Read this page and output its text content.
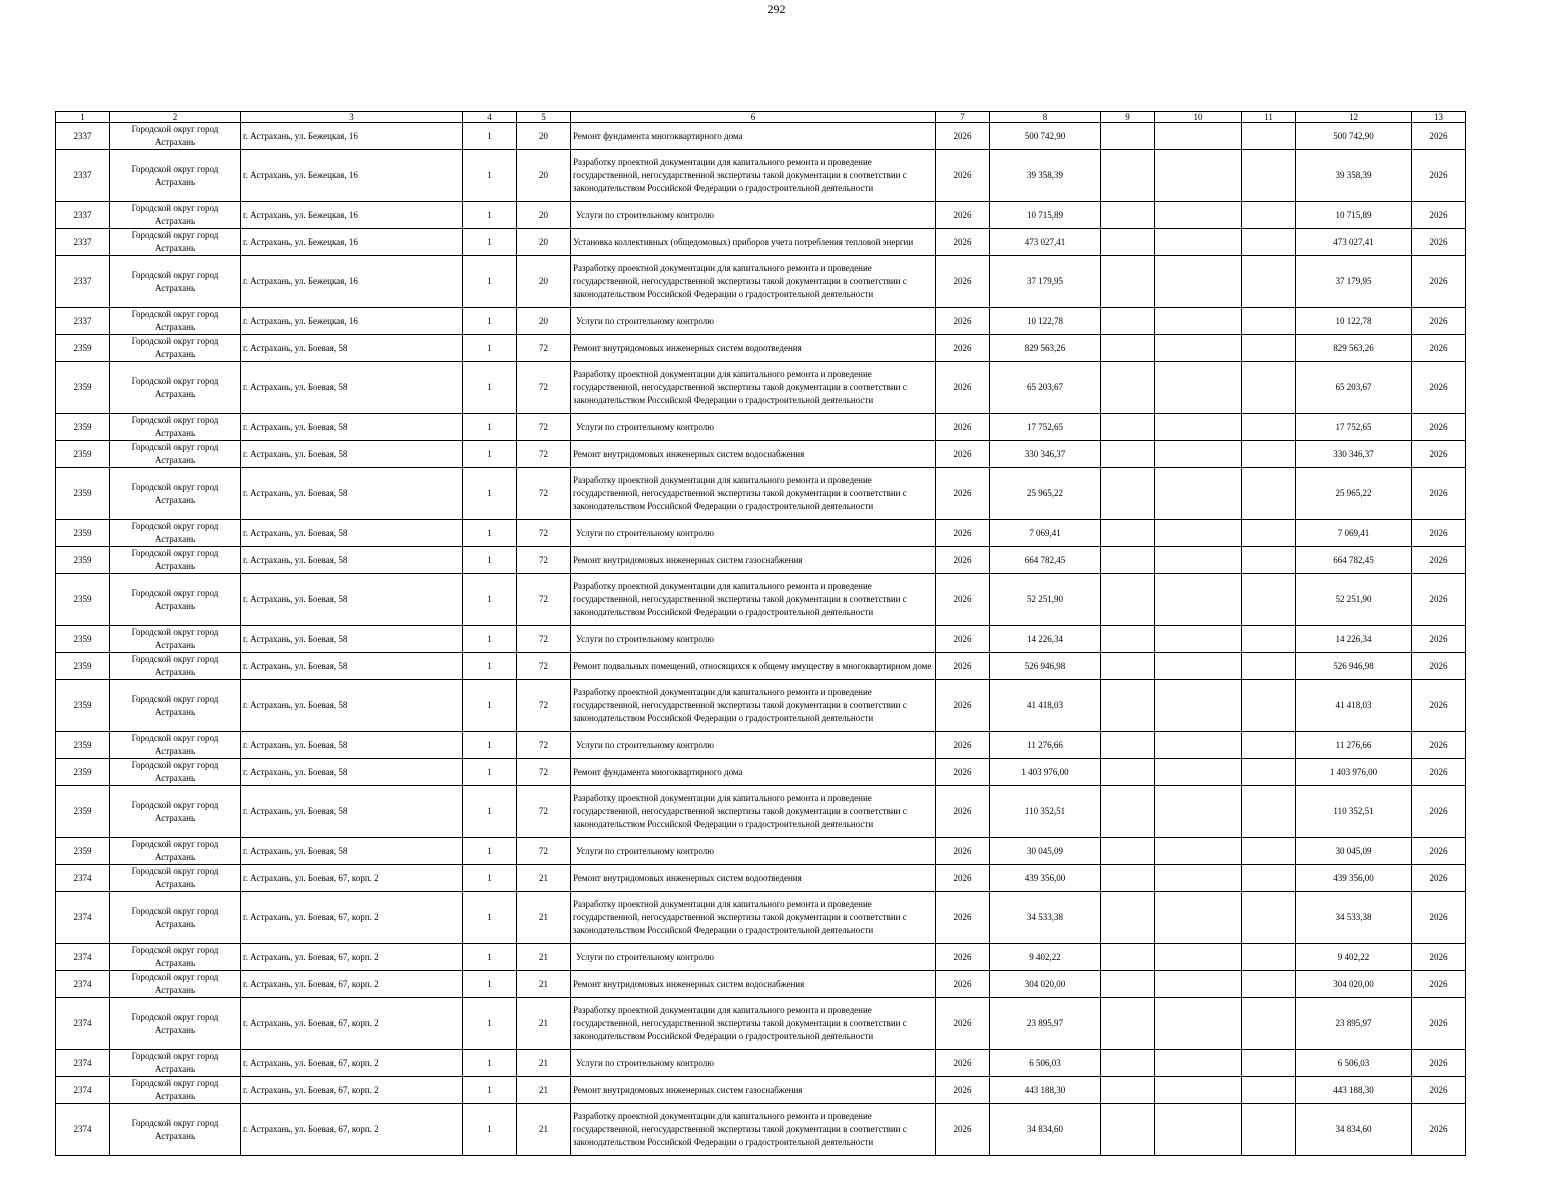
292
1	2	3	4	5	6	7	8	9	10	11	12	13
2337	Городской округ город Астрахань	г. Астрахань, ул. Бежецкая, 16	1	20	Ремонт фундамента многоквартирного дома	2026	500 742,90				500 742,90	2026
2337	Городской округ город Астрахань	г. Астрахань, ул. Бежецкая, 16	1	20	Разработку проектной документации для капитального ремонта и проведение государственной, негосударственной экспертизы такой документации в соответствии с законодательством Российской Федерации о градостроительной деятельности	2026	39 358,39				39 358,39	2026
2337	Городской округ город Астрахань	г. Астрахань, ул. Бежецкая, 16	1	20	Услуги по строительному контролю	2026	10 715,89				10 715,89	2026
2337	Городской округ город Астрахань	г. Астрахань, ул. Бежецкая, 16	1	20	Установка коллективных (общедомовых) приборов учета потребления тепловой энергии	2026	473 027,41				473 027,41	2026
2337	Городской округ город Астрахань	г. Астрахань, ул. Бежецкая, 16	1	20	Разработку проектной документации для капитального ремонта и проведение государственной, негосударственной экспертизы такой документации в соответствии с законодательством Российской Федерации о градостроительной деятельности	2026	37 179,95				37 179,95	2026
2337	Городской округ город Астрахань	г. Астрахань, ул. Бежецкая, 16	1	20	Услуги по строительному контролю	2026	10 122,78				10 122,78	2026
2359	Городской округ город Астрахань	г. Астрахань, ул. Боевая, 58	1	72	Ремонт внутридомовых инженерных систем водоотведения	2026	829 563,26				829 563,26	2026
2359	Городской округ город Астрахань	г. Астрахань, ул. Боевая, 58	1	72	Разработку проектной документации для капитального ремонта и проведение государственной, негосударственной экспертизы такой документации в соответствии с законодательством Российской Федерации о градостроительной деятельности	2026	65 203,67				65 203,67	2026
2359	Городской округ город Астрахань	г. Астрахань, ул. Боевая, 58	1	72	Услуги по строительному контролю	2026	17 752,65				17 752,65	2026
2359	Городской округ город Астрахань	г. Астрахань, ул. Боевая, 58	1	72	Ремонт внутридомовых инженерных систем водоснабжения	2026	330 346,37				330 346,37	2026
2359	Городской округ город Астрахань	г. Астрахань, ул. Боевая, 58	1	72	Разработку проектной документации для капитального ремонта и проведение государственной, негосударственной экспертизы такой документации в соответствии с законодательством Российской Федерации о градостроительной деятельности	2026	25 965,22				25 965,22	2026
2359	Городской округ город Астрахань	г. Астрахань, ул. Боевая, 58	1	72	Услуги по строительному контролю	2026	7 069,41				7 069,41	2026
2359	Городской округ город Астрахань	г. Астрахань, ул. Боевая, 58	1	72	Ремонт внутридомовых инженерных систем газоснабжения	2026	664 782,45				664 782,45	2026
2359	Городской округ город Астрахань	г. Астрахань, ул. Боевая, 58	1	72	Разработку проектной документации для капитального ремонта и проведение государственной, негосударственной экспертизы такой документации в соответствии с законодательством Российской Федерации о градостроительной деятельности	2026	52 251,90				52 251,90	2026
2359	Городской округ город Астрахань	г. Астрахань, ул. Боевая, 58	1	72	Услуги по строительному контролю	2026	14 226,34				14 226,34	2026
2359	Городской округ город Астрахань	г. Астрахань, ул. Боевая, 58	1	72	Ремонт подвальных помещений, относящихся к общему имуществу в многоквартирном доме	2026	526 946,98				526 946,98	2026
2359	Городской округ город Астрахань	г. Астрахань, ул. Боевая, 58	1	72	Разработку проектной документации для капитального ремонта и проведение государственной, негосударственной экспертизы такой документации в соответствии с законодательством Российской Федерации о градостроительной деятельности	2026	41 418,03				41 418,03	2026
2359	Городской округ город Астрахань	г. Астрахань, ул. Боевая, 58	1	72	Услуги по строительному контролю	2026	11 276,66				11 276,66	2026
2359	Городской округ город Астрахань	г. Астрахань, ул. Боевая, 58	1	72	Ремонт фундамента многоквартирного дома	2026	1 403 976,00				1 403 976,00	2026
2359	Городской округ город Астрахань	г. Астрахань, ул. Боевая, 58	1	72	Разработку проектной документации для капитального ремонта и проведение государственной, негосударственной экспертизы такой документации в соответствии с законодательством Российской Федерации о градостроительной деятельности	2026	110 352,51				110 352,51	2026
2359	Городской округ город Астрахань	г. Астрахань, ул. Боевая, 58	1	72	Услуги по строительному контролю	2026	30 045,09				30 045,09	2026
2374	Городской округ город Астрахань	г. Астрахань, ул. Боевая, 67, корп. 2	1	21	Ремонт внутридомовых инженерных систем водоотведения	2026	439 356,00				439 356,00	2026
2374	Городской округ город Астрахань	г. Астрахань, ул. Боевая, 67, корп. 2	1	21	Разработку проектной документации для капитального ремонта и проведение государственной, негосударственной экспертизы такой документации в соответствии с законодательством Российской Федерации о градостроительной деятельности	2026	34 533,38				34 533,38	2026
2374	Городской округ город Астрахань	г. Астрахань, ул. Боевая, 67, корп. 2	1	21	Услуги по строительному контролю	2026	9 402,22				9 402,22	2026
2374	Городской округ город Астрахань	г. Астрахань, ул. Боевая, 67, корп. 2	1	21	Ремонт внутридомовых инженерных систем водоснабжения	2026	304 020,00				304 020,00	2026
2374	Городской округ город Астрахань	г. Астрахань, ул. Боевая, 67, корп. 2	1	21	Разработку проектной документации для капитального ремонта и проведение государственной, негосударственной экспертизы такой документации в соответствии с законодательством Российской Федерации о градостроительной деятельности	2026	23 895,97				23 895,97	2026
2374	Городской округ город Астрахань	г. Астрахань, ул. Боевая, 67, корп. 2	1	21	Услуги по строительному контролю	2026	6 506,03				6 506,03	2026
2374	Городской округ город Астрахань	г. Астрахань, ул. Боевая, 67, корп. 2	1	21	Ремонт внутридомовых инженерных систем газоснабжения	2026	443 188,30				443 188,30	2026
2374	Городской округ город Астрахань	г. Астрахань, ул. Боевая, 67, корп. 2	1	21	Разработку проектной документации для капитального ремонта и проведение государственной, негосударственной экспертизы такой документации в соответствии с законодательством Российской Федерации о градостроительной деятельности	2026	34 834,60				34 834,60	2026
